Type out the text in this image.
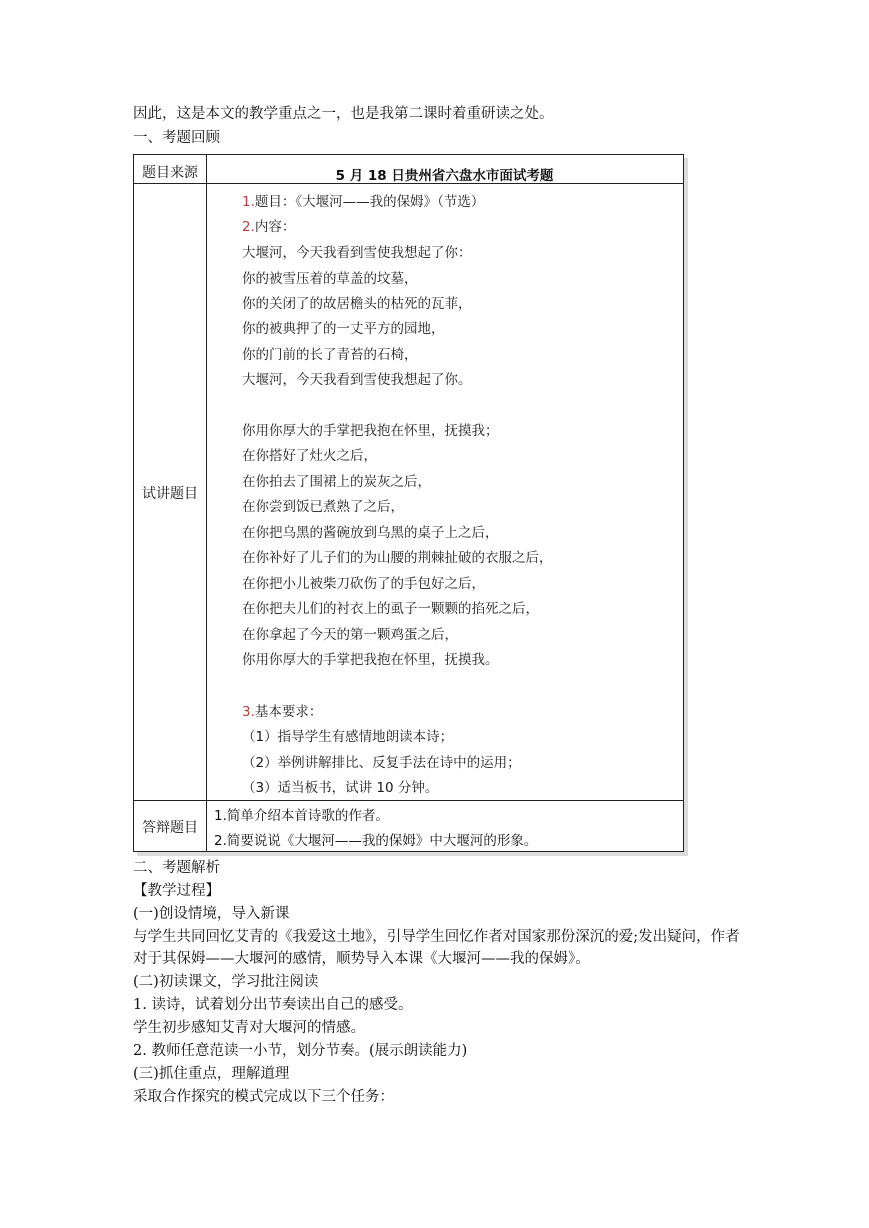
因此，这是本文的教学重点之一，也是我第二课时着重研读之处。
一、考题回顾
题目来源	5 月 18 日贵州省六盘水市面试考题
试讲题目
1.题目：《大堰河——我的保姆》（节选）
2.内容：
大堰河，今天我看到雪使我想起了你：
你的被雪压着的草盖的坟墓，
你的关闭了的故居檐头的枯死的瓦菲，
你的被典押了的一丈平方的园地，
你的门前的长了青苔的石椅，
大堰河，今天我看到雪使我想起了你。
你用你厚大的手掌把我抱在怀里，抚摸我；
在你搭好了灶火之后，
在你拍去了围裙上的炭灰之后，
在你尝到饭已煮熟了之后，
在你把乌黑的酱碗放到乌黑的桌子上之后，
在你补好了儿子们的为山腰的荆棘扯破的衣服之后，
在你把小儿被柴刀砍伤了的手包好之后，
在你把夫儿们的衬衣上的虱子一颗颗的掐死之后，
在你拿起了今天的第一颗鸡蛋之后，
你用你厚大的手掌把我抱在怀里，抚摸我。
3.基本要求：
（1）指导学生有感情地朗读本诗；
（2）举例讲解排比、反复手法在诗中的运用；
（3）适当板书，试讲 10 分钟。
答辩题目
1.简单介绍本首诗歌的作者。
2.简要说说《大堰河——我的保姆》中大堰河的形象。
二、考题解析
【教学过程】
(一)创设情境，导入新课
与学生共同回忆艾青的《我爱这土地》，引导学生回忆作者对国家那份深沉的爱;发出疑问，作者对于其保姆——大堰河的感情，顺势导入本课《大堰河——我的保姆》。
(二)初读课文，学习批注阅读
1. 读诗，试着划分出节奏读出自己的感受。
学生初步感知艾青对大堰河的情感。
2. 教师任意范读一小节，划分节奏。(展示朗读能力)
(三)抓住重点，理解道理
采取合作探究的模式完成以下三个任务：
